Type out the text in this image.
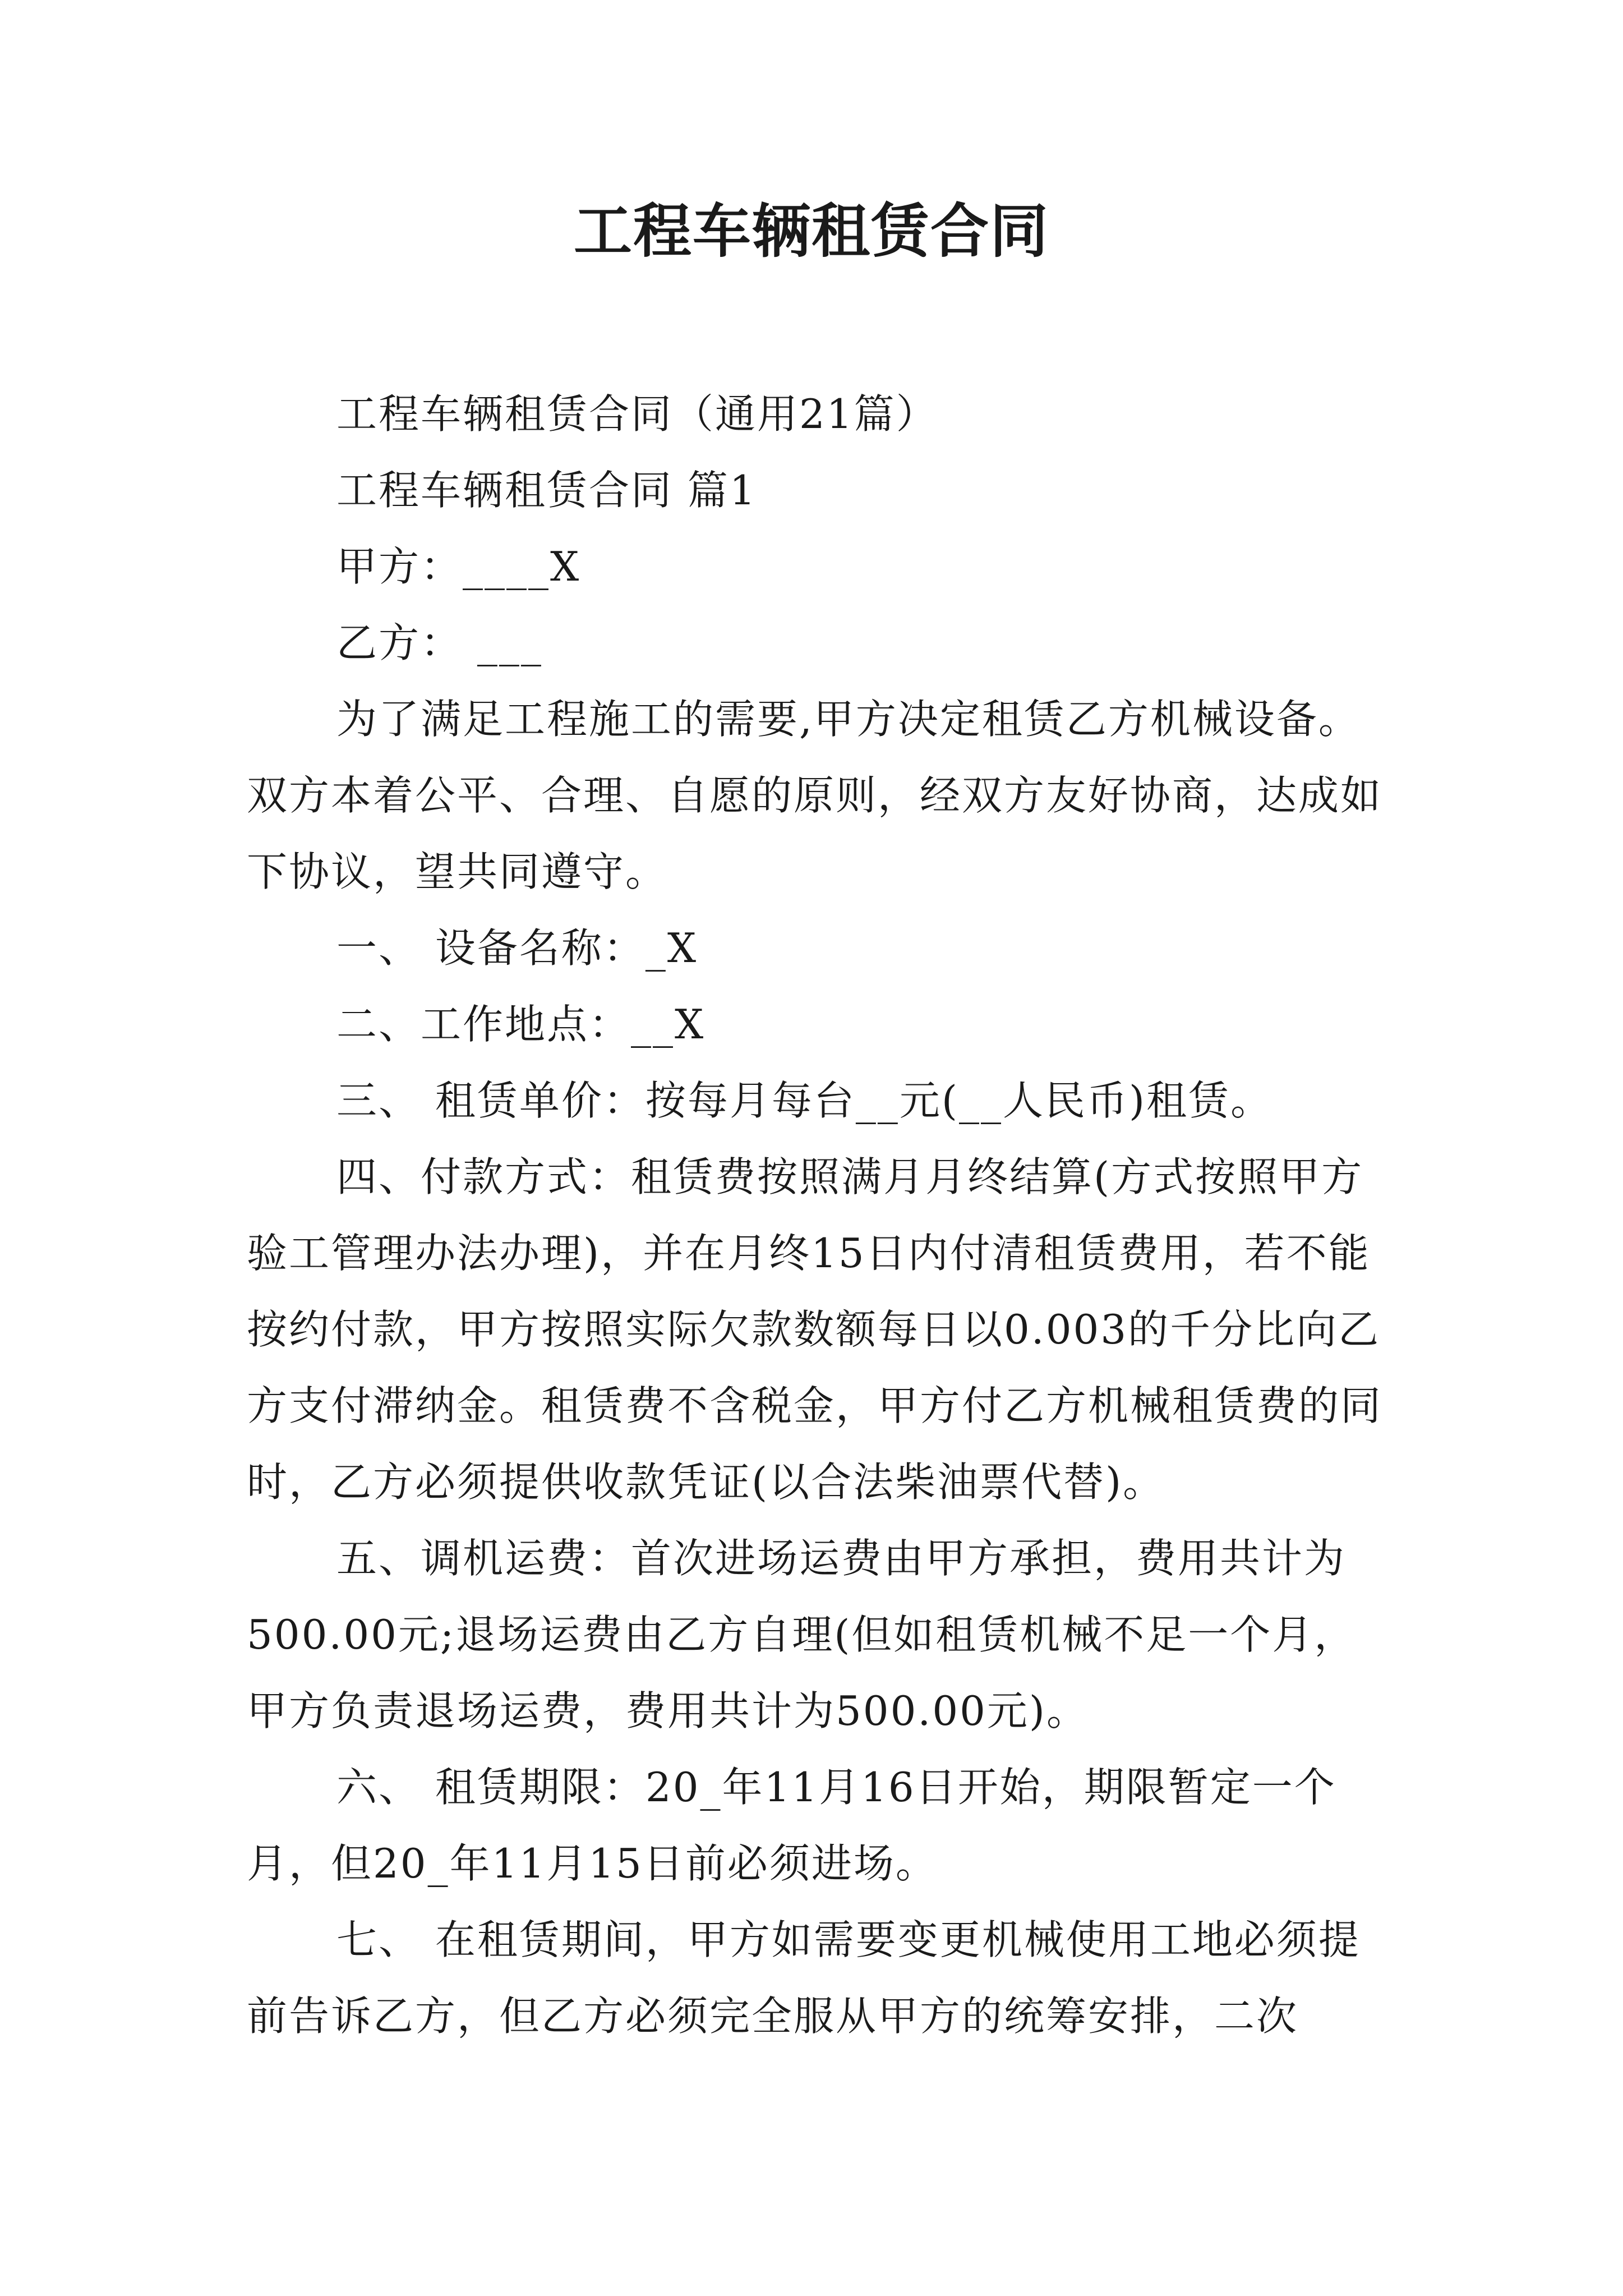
工程车辆租赁合同

工程车辆租赁合同（通用21篇）

工程车辆租赁合同 篇1

甲方：____X

乙方： ___

为了满足工程施工的需要,甲方决定租赁乙方机械设备。双方本着公平、合理、自愿的原则，经双方友好协商，达成如下协议，望共同遵守。

一、 设备名称：_X

二、工作地点：__X

三、 租赁单价：按每月每台__元(__人民币)租赁。

四、付款方式：租赁费按照满月月终结算(方式按照甲方验工管理办法办理)，并在月终15日内付清租赁费用，若不能按约付款，甲方按照实际欠款数额每日以0.003的千分比向乙方支付滞纳金。租赁费不含税金，甲方付乙方机械租赁费的同时，乙方必须提供收款凭证(以合法柴油票代替)。

五、调机运费：首次进场运费由甲方承担，费用共计为500.00元;退场运费由乙方自理(但如租赁机械不足一个月，甲方负责退场运费，费用共计为500.00元)。

六、 租赁期限：20_年11月16日开始，期限暂定一个月，但20_年11月15日前必须进场。

七、 在租赁期间，甲方如需要变更机械使用工地必须提前告诉乙方，但乙方必须完全服从甲方的统筹安排，二次
